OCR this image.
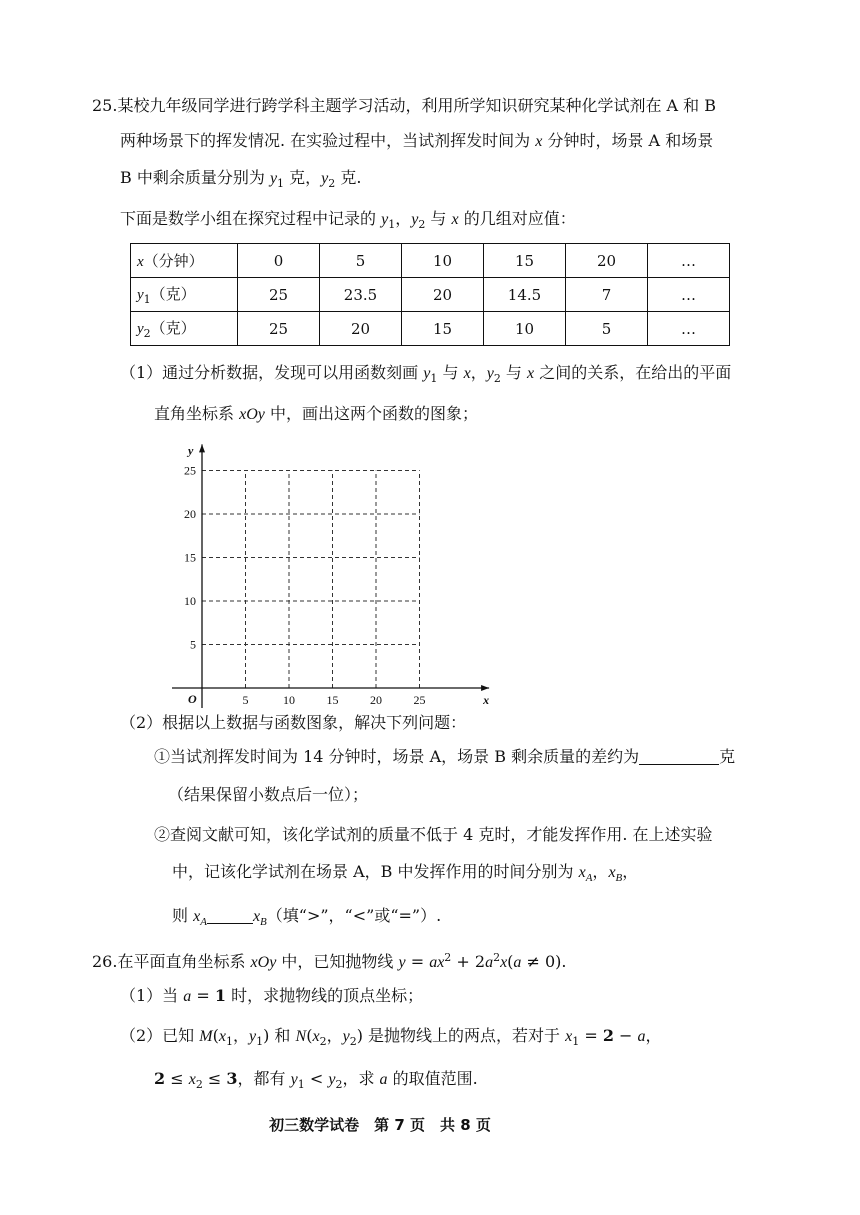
25.某校九年级同学进行跨学科主题学习活动，利用所学知识研究某种化学试剂在 A 和 B
两种场景下的挥发情况. 在实验过程中，当试剂挥发时间为 x 分钟时，场景 A 和场景
B 中剩余质量分别为 $y_1$ 克，$y_2$ 克.
下面是数学小组在探究过程中记录的 $y_1$，$y_2$ 与 x 的几组对应值：
x（分钟）	0	5	10	15	20	…
$y_1$（克）	25	23.5	20	14.5	7	…
$y_2$（克）	25	20	15	10	5	…
（1）通过分析数据，发现可以用函数刻画 $y_1$ 与 x，$y_2$ 与 x 之间的关系，在给出的平面
直角坐标系 xOy 中，画出这两个函数的图象；
5	10	15	20	25
5
10
15
20
25
x
y
O
（2）根据以上数据与函数图象，解决下列问题：
①当试剂挥发时间为 14 分钟时，场景 A，场景 B 剩余质量的差约为	克
（结果保留小数点后一位）；
②查阅文献可知，该化学试剂的质量不低于 4 克时，才能发挥作用. 在上述实验
中，记该化学试剂在场景 A，B 中发挥作用的时间分别为 $x_A$，$x_B$，
则 $x_A$	$x_B$（填“>”，“<”或“=”）.
26.在平面直角坐标系 xOy 中，已知抛物线 $y = ax^2 + 2a^2x(a \ne 0)$.
（1）当 a = 1 时，求抛物线的顶点坐标；
（2）已知 $M(x_1$，$y_1$) 和 $N(x_2$，$y_2$) 是抛物线上的两点，若对于 $x_1 = 2 - a$，
$2 \le x_2 \le 3$，都有 $y_1 < y_2$，求 a 的取值范围.
初三数学试卷　第 7 页　共 8 页
